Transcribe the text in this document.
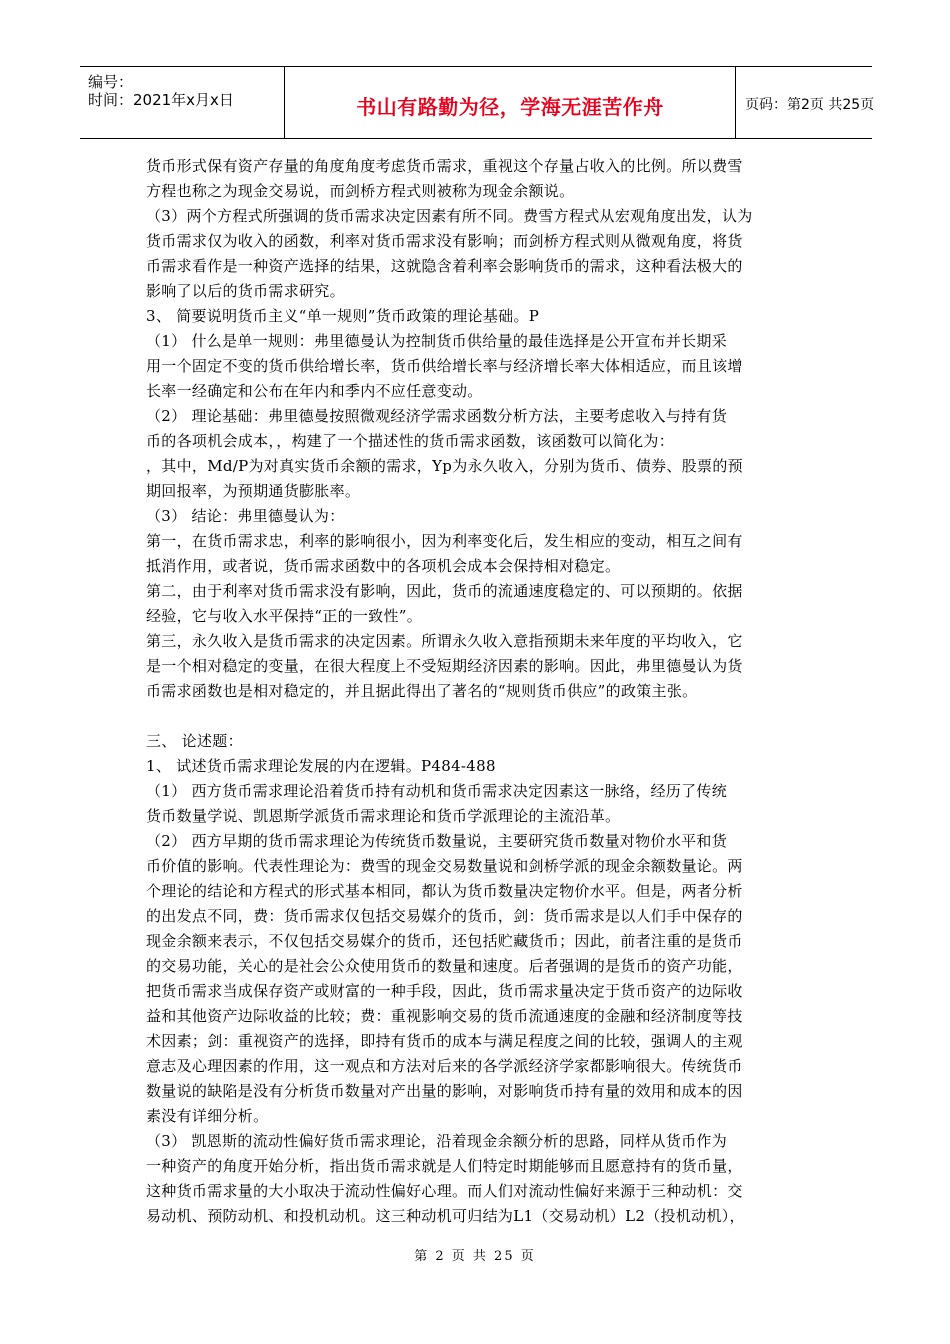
编号：
时间：2021年x月x日	书山有路勤为径，学海无涯苦作舟	页码：第2页 共25页

货币形式保有资产存量的角度角度考虑货币需求，重视这个存量占收入的比例。所以费雪

方程也称之为现金交易说，而剑桥方程式则被称为现金余额说。

（3）两个方程式所强调的货币需求决定因素有所不同。费雪方程式从宏观角度出发，认为

货币需求仅为收入的函数，利率对货币需求没有影响；而剑桥方程式则从微观角度，将货

币需求看作是一种资产选择的结果，这就隐含着利率会影响货币的需求，这种看法极大的

影响了以后的货币需求研究。

3、 简要说明货币主义“单一规则”货币政策的理论基础。P

（1） 什么是单一规则：弗里德曼认为控制货币供给量的最佳选择是公开宣布并长期采

用一个固定不变的货币供给增长率，货币供给增长率与经济增长率大体相适应，而且该增

长率一经确定和公布在年内和季内不应任意变动。

（2） 理论基础：弗里德曼按照微观经济学需求函数分析方法，主要考虑收入与持有货

币的各项机会成本，，构建了一个描述性的货币需求函数，该函数可以简化为：

，其中，Md/P为对真实货币余额的需求，Yp为永久收入，分别为货币、债券、股票的预

期回报率，为预期通货膨胀率。

（3） 结论：弗里德曼认为：

第一，在货币需求忠，利率的影响很小，因为利率变化后，发生相应的变动，相互之间有

抵消作用，或者说，货币需求函数中的各项机会成本会保持相对稳定。

第二，由于利率对货币需求没有影响，因此，货币的流通速度稳定的、可以预期的。依据

经验，它与收入水平保持“正的一致性”。

第三，永久收入是货币需求的决定因素。所谓永久收入意指预期未来年度的平均收入，它

是一个相对稳定的变量，在很大程度上不受短期经济因素的影响。因此，弗里德曼认为货

币需求函数也是相对稳定的，并且据此得出了著名的“规则货币供应”的政策主张。

三、 论述题：

1、 试述货币需求理论发展的内在逻辑。P484-488

（1） 西方货币需求理论沿着货币持有动机和货币需求决定因素这一脉络，经历了传统

货币数量学说、凯恩斯学派货币需求理论和货币学派理论的主流沿革。

（2） 西方早期的货币需求理论为传统货币数量说，主要研究货币数量对物价水平和货

币价值的影响。代表性理论为：费雪的现金交易数量说和剑桥学派的现金余额数量论。两

个理论的结论和方程式的形式基本相同，都认为货币数量决定物价水平。但是，两者分析

的出发点不同，费：货币需求仅包括交易媒介的货币，剑：货币需求是以人们手中保存的

现金余额来表示，不仅包括交易媒介的货币，还包括贮藏货币；因此，前者注重的是货币

的交易功能，关心的是社会公众使用货币的数量和速度。后者强调的是货币的资产功能，

把货币需求当成保存资产或财富的一种手段，因此，货币需求量决定于货币资产的边际收

益和其他资产边际收益的比较；费：重视影响交易的货币流通速度的金融和经济制度等技

术因素；剑：重视资产的选择，即持有货币的成本与满足程度之间的比较，强调人的主观

意志及心理因素的作用，这一观点和方法对后来的各学派经济学家都影响很大。传统货币

数量说的缺陷是没有分析货币数量对产出量的影响，对影响货币持有量的效用和成本的因

素没有详细分析。

（3） 凯恩斯的流动性偏好货币需求理论，沿着现金余额分析的思路，同样从货币作为

一种资产的角度开始分析，指出货币需求就是人们特定时期能够而且愿意持有的货币量，

这种货币需求量的大小取决于流动性偏好心理。而人们对流动性偏好来源于三种动机：交

易动机、预防动机、和投机动机。这三种动机可归结为L1（交易动机）L2（投机动机），

第 2 页 共 25 页
